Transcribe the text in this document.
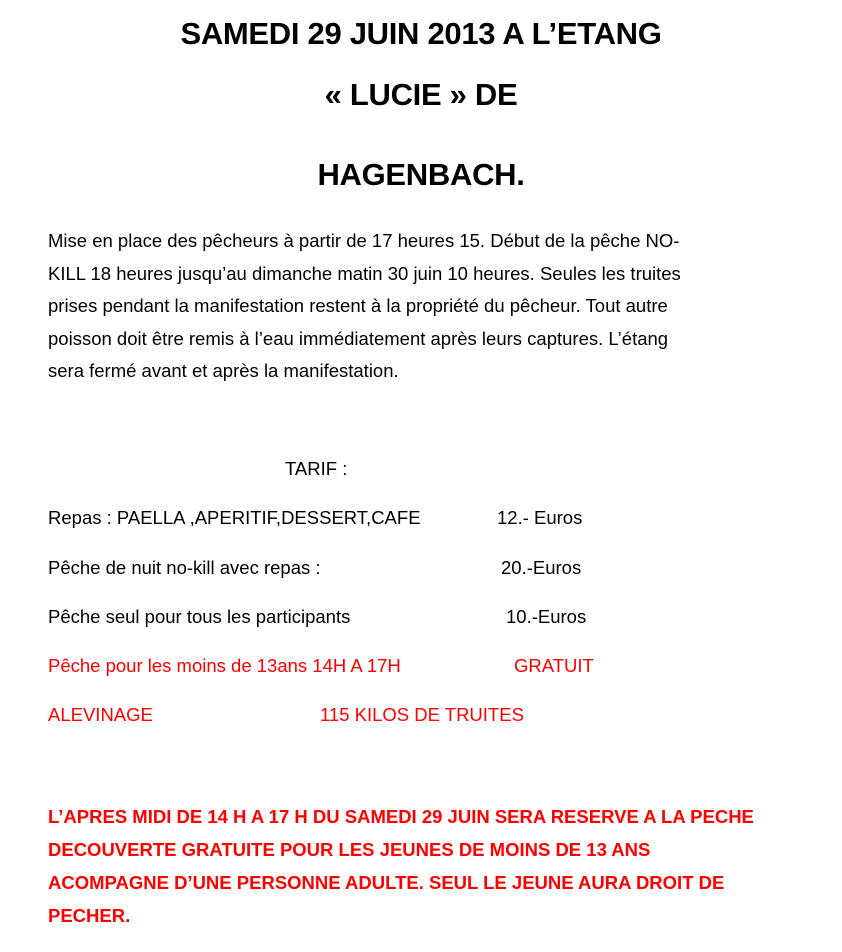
SAMEDI 29 JUIN 2013 A L’ETANG
« LUCIE » DE
HAGENBACH.

Mise en place des pêcheurs à partir de 17 heures 15. Début de la pêche NO-

KILL 18 heures jusqu’au dimanche matin 30 juin 10 heures. Seules les truites

prises pendant la manifestation restent à la propriété du pêcheur. Tout autre

poisson doit être remis à l’eau immédiatement après leurs captures. L’étang

sera fermé avant et après la manifestation.

TARIF :
Repas : PAELLA ,APERITIF,DESSERT,CAFE	12.- Euros
Pêche de nuit no-kill avec repas :	20.-Euros
Pêche seul pour tous les participants	10.-Euros
Pêche pour les moins de 13ans 14H A 17H	GRATUIT
ALEVINAGE	115 KILOS DE TRUITES

L’APRES MIDI DE 14 H A 17 H DU SAMEDI 29 JUIN SERA RESERVE A LA PECHE

DECOUVERTE GRATUITE POUR LES JEUNES DE MOINS DE 13 ANS

ACOMPAGNE D’UNE PERSONNE ADULTE. SEUL LE JEUNE AURA DROIT DE

PECHER.
